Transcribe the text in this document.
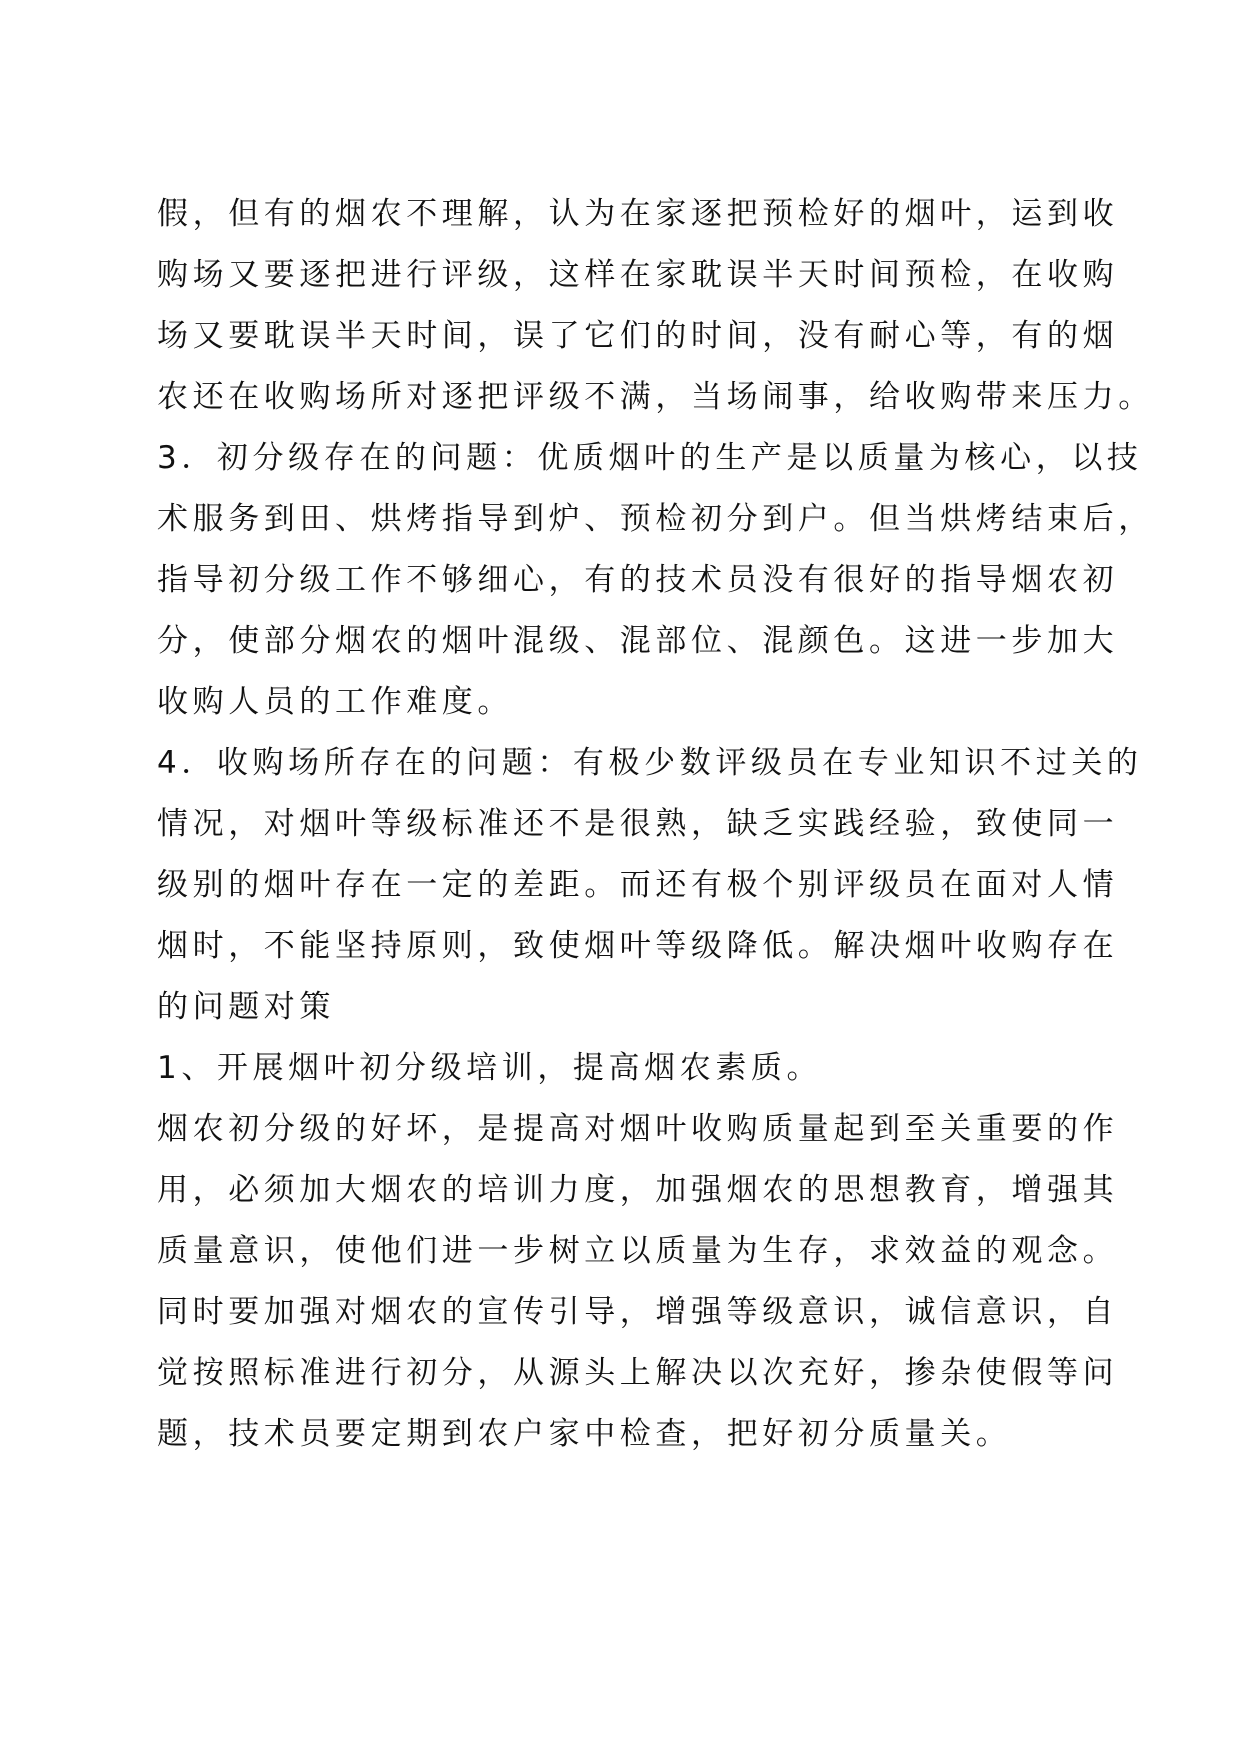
假，但有的烟农不理解，认为在家逐把预检好的烟叶，运到收
购场又要逐把进行评级，这样在家耽误半天时间预检，在收购
场又要耽误半天时间，误了它们的时间，没有耐心等，有的烟
农还在收购场所对逐把评级不满，当场闹事，给收购带来压力。
3．初分级存在的问题：优质烟叶的生产是以质量为核心，以技
术服务到田、烘烤指导到炉、预检初分到户。但当烘烤结束后，
指导初分级工作不够细心，有的技术员没有很好的指导烟农初
分，使部分烟农的烟叶混级、混部位、混颜色。这进一步加大
收购人员的工作难度。
4．收购场所存在的问题：有极少数评级员在专业知识不过关的
情况，对烟叶等级标准还不是很熟，缺乏实践经验，致使同一
级别的烟叶存在一定的差距。而还有极个别评级员在面对人情
烟时，不能坚持原则，致使烟叶等级降低。解决烟叶收购存在
的问题对策
1、开展烟叶初分级培训，提高烟农素质。
烟农初分级的好坏，是提高对烟叶收购质量起到至关重要的作
用，必须加大烟农的培训力度，加强烟农的思想教育，增强其
质量意识，使他们进一步树立以质量为生存，求效益的观念。
同时要加强对烟农的宣传引导，增强等级意识，诚信意识，自
觉按照标准进行初分，从源头上解决以次充好，掺杂使假等问
题，技术员要定期到农户家中检查，把好初分质量关。
